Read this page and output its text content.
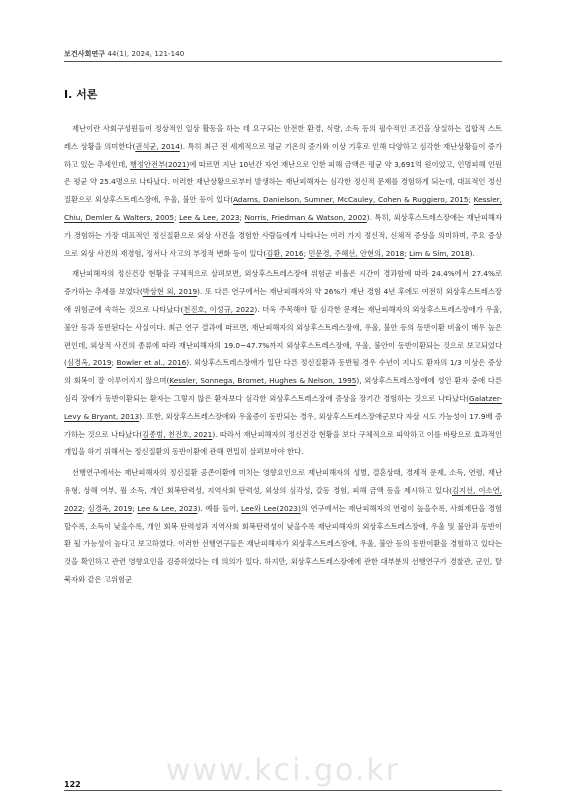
보건사회연구 44(1), 2024, 121-140
Ⅰ. 서론

재난이란 사회구성원들이 정상적인 일상 활동을 하는 데 요구되는 안전한 환경, 식량, 소득 등의 필수적인 조건을 상실하는 집합적 스트레스 상황을 의미한다(권석균, 2014). 특히 최근 전 세계적으로 평균 기온의 증가와 이상 기후로 인해 다양하고 심각한 재난상황들이 증가하고 있는 추세인데, 행정안전부(2021)에 따르면 지난 10년간 자연 재난으로 인한 피해 금액은 평균 약 3,691억 원이었고, 인명피해 인원은 평균 약 25.4명으로 나타났다. 이러한 재난상황으로부터 발생하는 재난피해자는 심각한 정신적 문제를 경험하게 되는데, 대표적인 정신질환으로 외상후스트레스장애, 우울, 불안 등이 있다(Adams, Danielson, Sumner, McCauley, Cohen & Ruggiero, 2015; Kessler, Chiu, Demler & Walters, 2005; Lee & Lee, 2023; Norris, Friedman & Watson, 2002). 특히, 외상후스트레스장애는 재난피해자가 경험하는 가장 대표적인 정신질환으로 외상 사건을 경험한 사람들에게 나타나는 여러 가지 정신적, 신체적 증상을 의미하며, 주요 증상으로 외상 사건의 재경험, 정서나 사고의 부정적 변화 등이 있다(김환, 2016; 민문경, 주혜선, 안현의, 2018; Lim & Sim, 2018).

재난피해자의 정신건강 현황을 구체적으로 살펴보면, 외상후스트레스장애 위험군 비율은 시간이 경과함에 따라 24.4%에서 27.4%로 증가하는 추세를 보였다(박상현 외, 2019). 또 다른 연구에서는 재난피해자의 약 26%가 재난 경험 4년 후에도 여전히 외상후스트레스장애 위험군에 속하는 것으로 나타났다(천진호, 이성규, 2022). 더욱 주목해야 할 심각한 문제는 재난피해자의 외상후스트레스장애가 우울, 불안 등과 동반된다는 사실이다. 최근 연구 결과에 따르면, 재난피해자의 외상후스트레스장애, 우울, 불안 등의 동반이환 비율이 매우 높은 편인데, 외상적 사건의 종류에 따라 재난피해자의 19.0~47.7%까지 외상후스트레스장애, 우울, 불안이 동반이환되는 것으로 보고되었다(심경옥, 2019; Bowler et al., 2016). 외상후스트레스장애가 일단 다른 정신질환과 동반될 경우 수년이 지나도 환자의 1/3 이상은 증상의 회복이 잘 이루어지지 않으며(Kessler, Sonnega, Bromet, Hughes & Nelson, 1995), 외상후스트레스장애에 성인 환자 중에 다른 심리 장애가 동반이환되는 환자는 그렇지 않은 환자보다 심각한 외상후스트레스장애 증상을 장기간 경험하는 것으로 나타났다(Galatzer-Levy & Bryant, 2013). 또한, 외상후스트레스장애와 우울증이 동반되는 경우, 외상후스트레스장애군보다 자살 시도 가능성이 17.9배 증가하는 것으로 나타났다(김종범, 천진호, 2021). 따라서 재난피해자의 정신건강 현황을 보다 구체적으로 파악하고 이를 바탕으로 효과적인 개입을 하기 위해서는 정신질환의 동반이환에 관해 면밀히 살펴보아야 한다.

선행연구에서는 재난피해자의 정신질환 공존이환에 미치는 영향요인으로 재난피해자의 성별, 결혼상태, 경제적 문제, 소득, 연령, 재난 유형, 상해 여부, 월 소득, 개인 회복탄력성, 지역사회 탄력성, 외상의 심각성, 갈등 경험, 피해 금액 등을 제시하고 있다(김지선, 이소연, 2022; 심경옥, 2019; Lee & Lee, 2023). 예를 들어, Lee와 Lee(2023)의 연구에서는 재난피해자의 연령이 높을수록, 사회계단을 경험할수록, 소득이 낮을수록, 개인 회복 탄력성과 지역사회 회복탄력성이 낮을수록 재난피해자의 외상후스트레스장애, 우울 및 불안과 동반이환 될 가능성이 높다고 보고하였다. 이러한 선행연구들은 재난피해자가 외상후스트레스장애, 우울, 불안 등의 동반이환을 경험하고 있다는 것을 확인하고 관련 영향요인을 검증하였다는 데 의의가 있다. 하지만, 외상후스트레스장애에 관한 대부분의 선행연구가 경찰관, 군인, 탈북자와 같은 고위험군

www.kci.go.kr
122
